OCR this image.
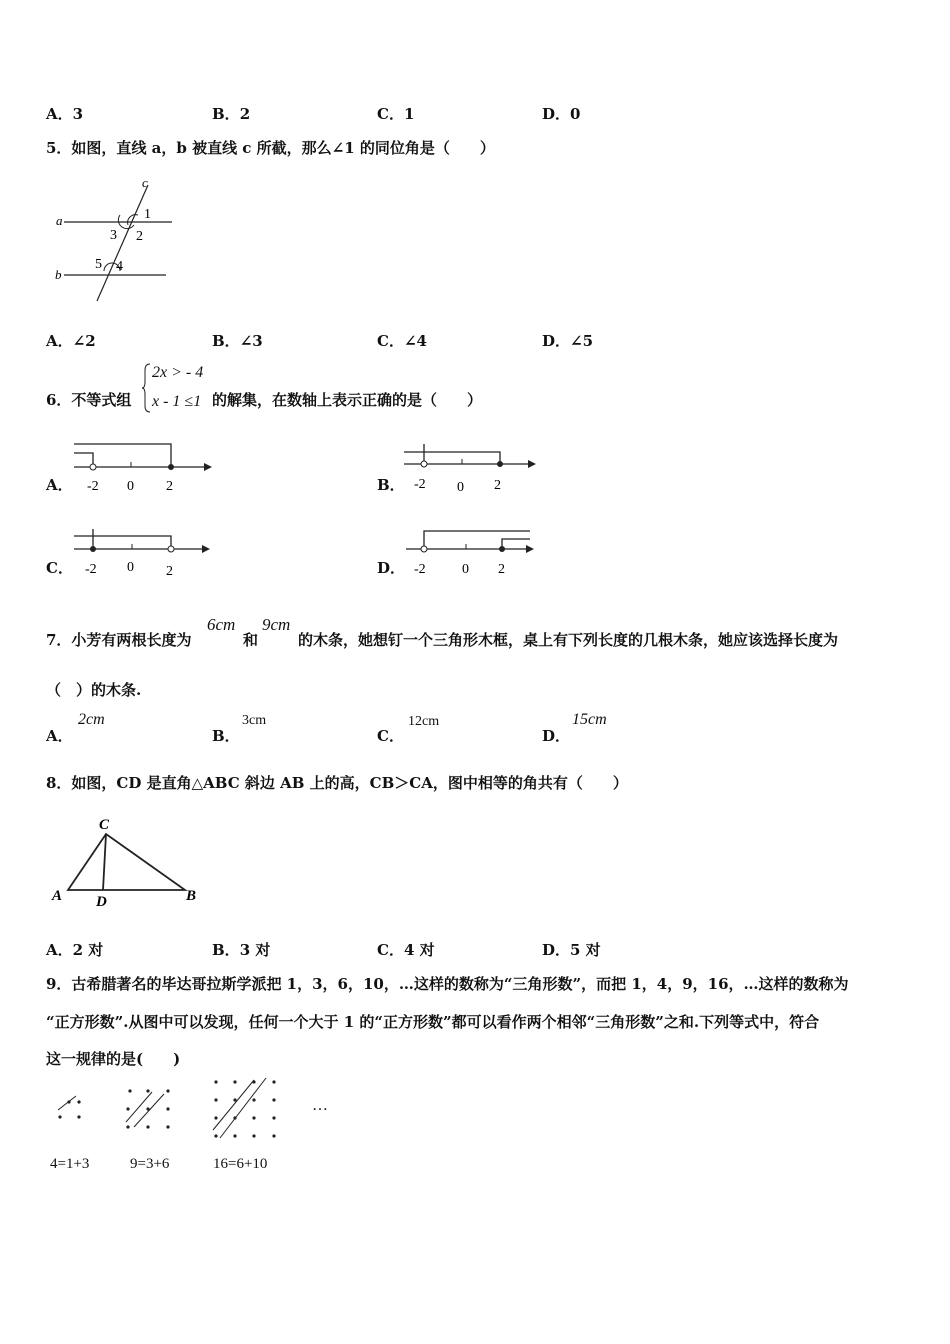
A．3	B．2	C．1	D．0
5．如图，直线 a，b 被直线 c 所截，那么∠1 的同位角是（　　）
c
a
b
1
3 2
5 4
A．∠2	B．∠3	C．∠4	D．∠5
6．不等式组
2x > - 4
x - 1 ≤1 的解集，在数轴上表示正确的是（　　）
A． -2 0 2	B． -2 0 2
C． -2 0 2	D． -2	0 2
7．小芳有两根长度为
6cm
和
9cm
的木条，她想钉一个三角形木框，桌上有下列长度的几根木条，她应该选择长度为
（　）的木条.
A．
2cm
B．
3cm
C．
12cm
D．
15cm
8．如图，CD 是直角△ABC 斜边 AB 上的高，CB＞CA，图中相等的角共有（　　）
C
A D	B
A．2 对	B．3 对	C．4 对	D．5 对
9．古希腊著名的毕达哥拉斯学派把 1，3，6，10，…这样的数称为“三角形数”，而把 1，4，9，16，…这样的数称为
“正方形数”.从图中可以发现，任何一个大于 1 的“正方形数”都可以看作两个相邻“三角形数”之和.下列等式中，符合
这一规律的是(　　)
…
4=1+3	9=3+6	16=6+10
